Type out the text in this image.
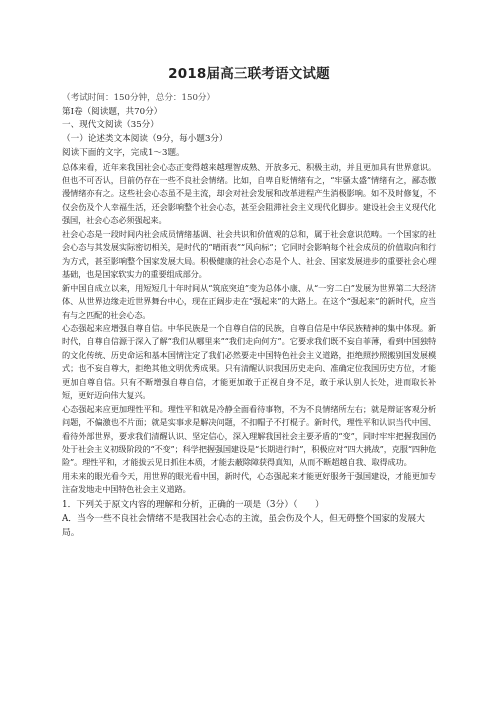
2018届高三联考语文试题

（考试时间：150分钟，总分：150分）

第Ⅰ卷（阅读题，共70分）

一、现代文阅读（35分）

（一）论述类文本阅读（9分，每小题3分）

阅读下面的文字，完成1～3题。

总体来看，近年来我国社会心态正变得越来越理智成熟、开放多元、积极主动，并且更加具有世界意识。但也不可否认，目前仍存在一些不良社会情绪。比如，自卑自贬情绪有之，“牢骚太盛”情绪有之，鄙态傲漫情绪亦有之。这些社会心态虽不是主流，却会对社会发展和改革进程产生消极影响。如不及时修复，不仅会伤及个人幸福生活，还会影响整个社会心态，甚至会阻滞社会主义现代化脚步。建设社会主义现代化强国，社会心态必须强起来。

社会心态是一段时间内社会成员情绪基调、社会共识和价值观的总和，属于社会意识范畴。一个国家的社会心态与其发展实际密切相关，是时代的“晴雨表”“风向标”；它同时会影响每个社会成员的价值取向和行为方式，甚至影响整个国家发展大局。积极健康的社会心态是个人、社会、国家发展进步的重要社会心理基础，也是国家软实力的重要组成部分。

新中国自成立以来，用短短几十年时间从“筑底突迫”变为总体小康、从“一穷二白”发展为世界第二大经济体、从世界边缘走近世界舞台中心，现在正阔步走在“强起来”的大路上。在这个“强起来”的新时代，应当有与之匹配的社会心态。

心态强起来应增强自尊自信。中华民族是一个自尊自信的民族，自尊自信是中华民族精神的集中体现。新时代，自尊自信源于深入了解“我们从哪里来”“我们走向何方”。它要求我们既不妄自菲薄，看到中国独特的文化传统、历史命运和基本国情注定了我们必然要走中国特色社会主义道路，拒绝照抄照搬别国发展模式；也不妄自尊大，拒绝其他文明优秀成果。只有清醒认识我国历史走向、准确定位我国历史方位，才能更加自尊自信。只有不断增强自尊自信，才能更加敢于正视自身不足，敢于承认别人长处，进而取长补短，更好迈向伟大复兴。

心态强起来应更加理性平和。理性平和就是冷静全面看待事物，不为不良情绪所左右；就是辩证客观分析问题，不偏激也不片面；就是实事求是解决问题，不扣帽子不打棍子。新时代，理性平和认识当代中国、看待外部世界，要求我们清醒认识、坚定信心，深入理解我国社会主要矛盾的“变”，同时牢牢把握我国仍处于社会主义初级阶段的“不变”；科学把握强国建设是“长期进行时”，积极应对“四大挑战”，克服“四种危险”。理性平和，才能拔云见日抓住本质，才能去蔽除障获得真知，从而不断超越自我、取得成功。

用未来的眼光看今天，用世界的眼光看中国，新时代，心态强起来才能更好服务于强国建设，才能更加专注奋发地走中国特色社会主义道路。

1．下列关于原文内容的理解和分析，正确的一项是（3分）（　　）

A．当今一些不良社会情绪不是我国社会心态的主流，虽会伤及个人，但无碍整个国家的发展大局。
